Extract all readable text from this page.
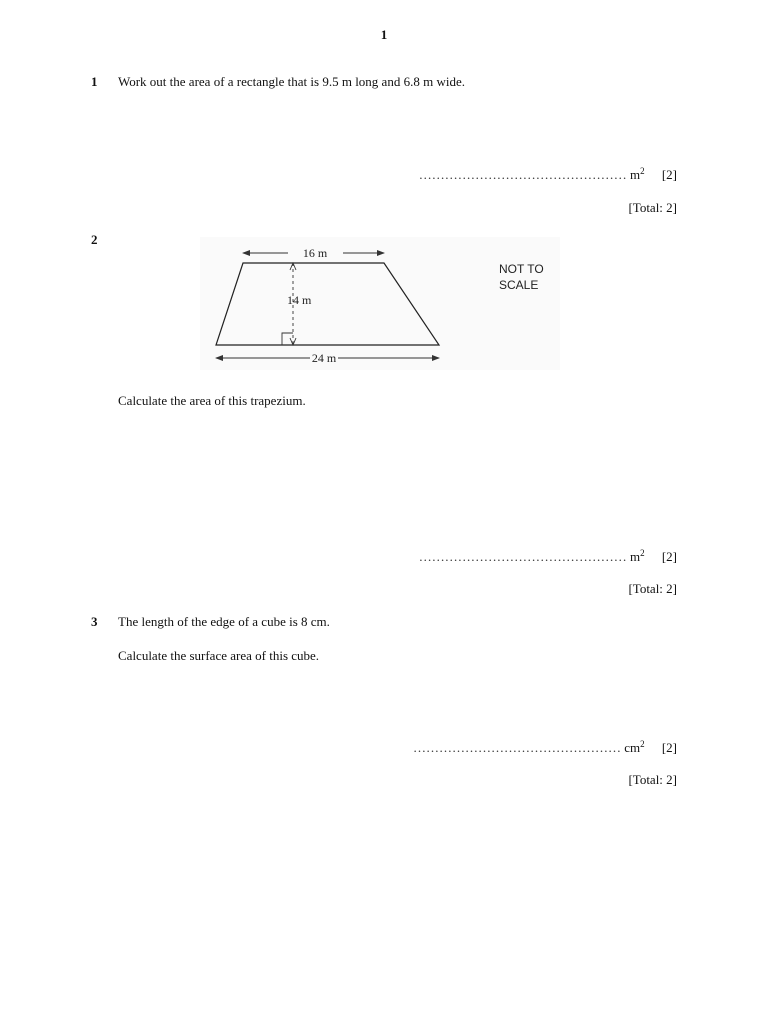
1
1 Work out the area of a rectangle that is 9.5 m long and 6.8 m wide.
………………………………………… $m^2$ [2]
[Total: 2]
2
16 m
14 m
24 m
NOT TO
SCALE
Calculate the area of this trapezium.
………………………………………… $m^2$ [2]
[Total: 2]
3 The length of the edge of a cube is 8 cm.
Calculate the surface area of this cube.
………………………………………… $cm^2$ [2]
[Total: 2]
